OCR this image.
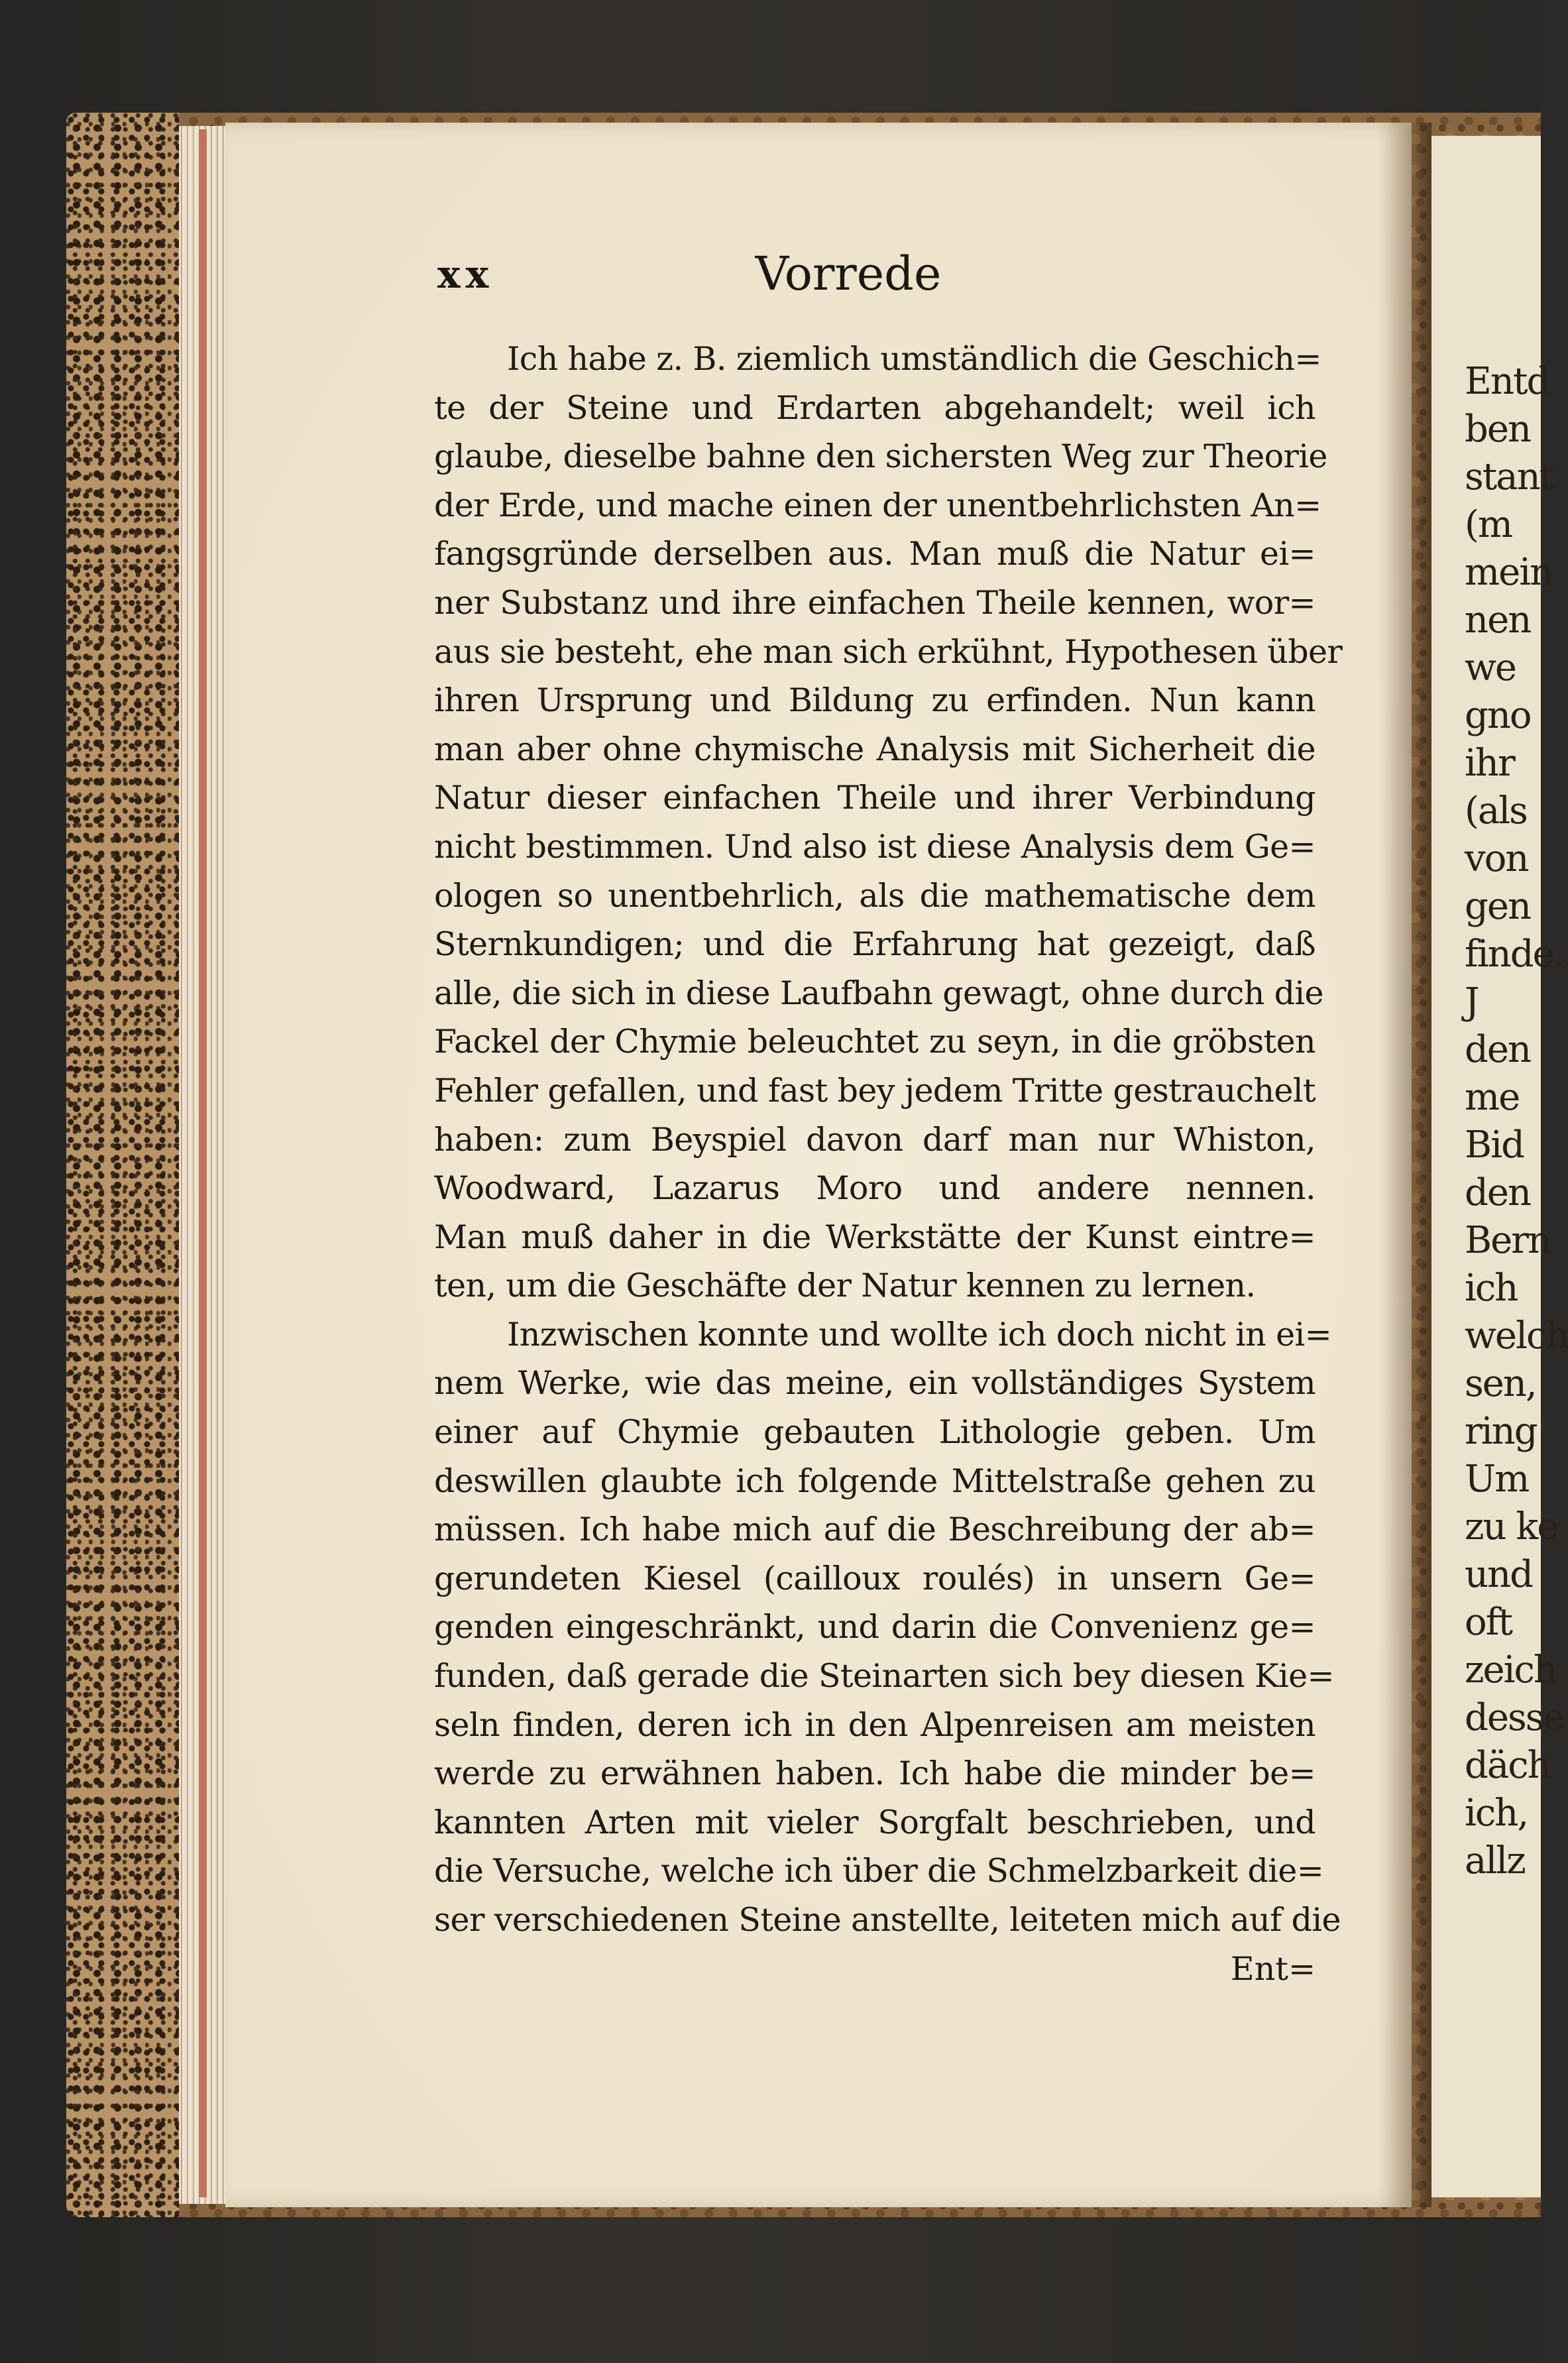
Entd
ben
stant
(m
mein
nen
we
gno
ihr
(als
von
gen
finde.
J
den
me
Bid
den
Bern
ich
welch
sen,
ring
Um
zu ke
und
oft
zeich
desse
däch
ich,
allz
xx	Vorrede
Ich habe z. B. ziemlich umständlich die Geschich=
te der Steine und Erdarten abgehandelt; weil ich
glaube, dieselbe bahne den sichersten Weg zur Theorie
der Erde, und mache einen der unentbehrlichsten An=
fangsgründe derselben aus. Man muß die Natur ei=
ner Substanz und ihre einfachen Theile kennen, wor=
aus sie besteht, ehe man sich erkühnt, Hypothesen über
ihren Ursprung und Bildung zu erfinden. Nun kann
man aber ohne chymische Analysis mit Sicherheit die
Natur dieser einfachen Theile und ihrer Verbindung
nicht bestimmen. Und also ist diese Analysis dem Ge=
ologen so unentbehrlich, als die mathematische dem
Sternkundigen; und die Erfahrung hat gezeigt, daß
alle, die sich in diese Laufbahn gewagt, ohne durch die
Fackel der Chymie beleuchtet zu seyn, in die gröbsten
Fehler gefallen, und fast bey jedem Tritte gestrauchelt
haben: zum Beyspiel davon darf man nur Whiston,
Woodward, Lazarus Moro und andere nennen.
Man muß daher in die Werkstätte der Kunst eintre=
ten, um die Geschäfte der Natur kennen zu lernen.
Inzwischen konnte und wollte ich doch nicht in ei=
nem Werke, wie das meine, ein vollständiges System
einer auf Chymie gebauten Lithologie geben. Um
deswillen glaubte ich folgende Mittelstraße gehen zu
müssen. Ich habe mich auf die Beschreibung der ab=
gerundeten Kiesel (cailloux roulés) in unsern Ge=
genden eingeschränkt, und darin die Convenienz ge=
funden, daß gerade die Steinarten sich bey diesen Kie=
seln finden, deren ich in den Alpenreisen am meisten
werde zu erwähnen haben. Ich habe die minder be=
kannten Arten mit vieler Sorgfalt beschrieben, und
die Versuche, welche ich über die Schmelzbarkeit die=
ser verschiedenen Steine anstellte, leiteten mich auf die
Ent=
